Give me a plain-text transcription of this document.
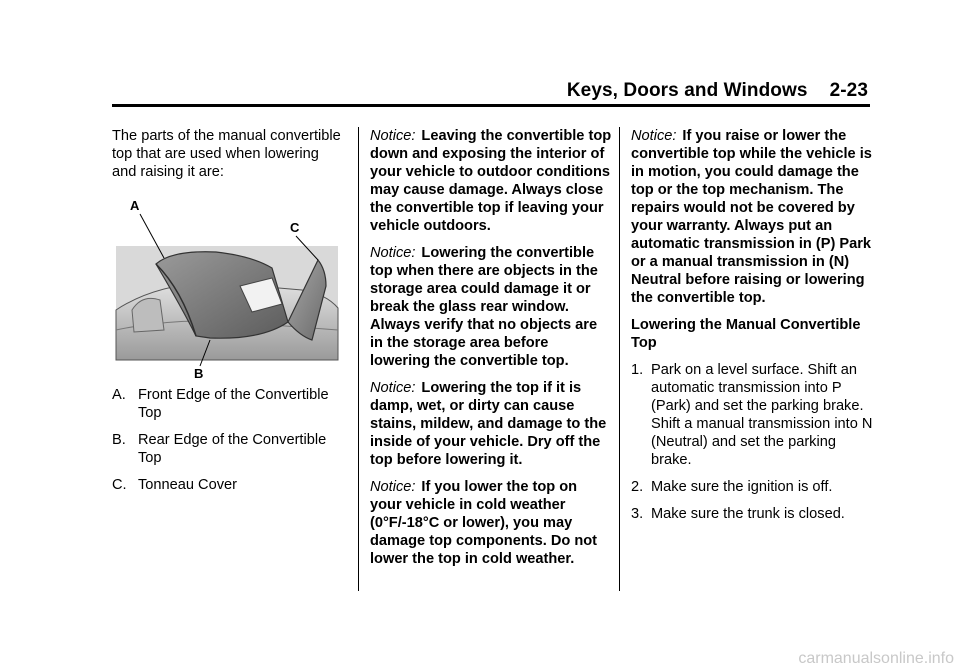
Keys, Doors and Windows 2-23

The parts of the manual convertible top that are used when lowering and raising it are:

A
C
B
A. Front Edge of the Convertible Top
B. Rear Edge of the Convertible Top
C. Tonneau Cover

Notice: Leaving the convertible top down and exposing the interior of your vehicle to outdoor conditions may cause damage. Always close the convertible top if leaving your vehicle outdoors.

Notice: Lowering the convertible top when there are objects in the storage area could damage it or break the glass rear window. Always verify that no objects are in the storage area before lowering the convertible top.

Notice: Lowering the top if it is damp, wet, or dirty can cause stains, mildew, and damage to the inside of your vehicle. Dry off the top before lowering it.

Notice: If you lower the top on your vehicle in cold weather (0°F/-18°C or lower), you may damage top components. Do not lower the top in cold weather.

Notice: If you raise or lower the convertible top while the vehicle is in motion, you could damage the top or the top mechanism. The repairs would not be covered by your warranty. Always put an automatic transmission in (P) Park or a manual transmission in (N) Neutral before raising or lowering the convertible top.

Lowering the Manual Convertible Top

1. Park on a level surface. Shift an automatic transmission into P (Park) and set the parking brake. Shift a manual transmission into N (Neutral) and set the parking brake.
2. Make sure the ignition is off.
3. Make sure the trunk is closed.
carmanualsonline.info
